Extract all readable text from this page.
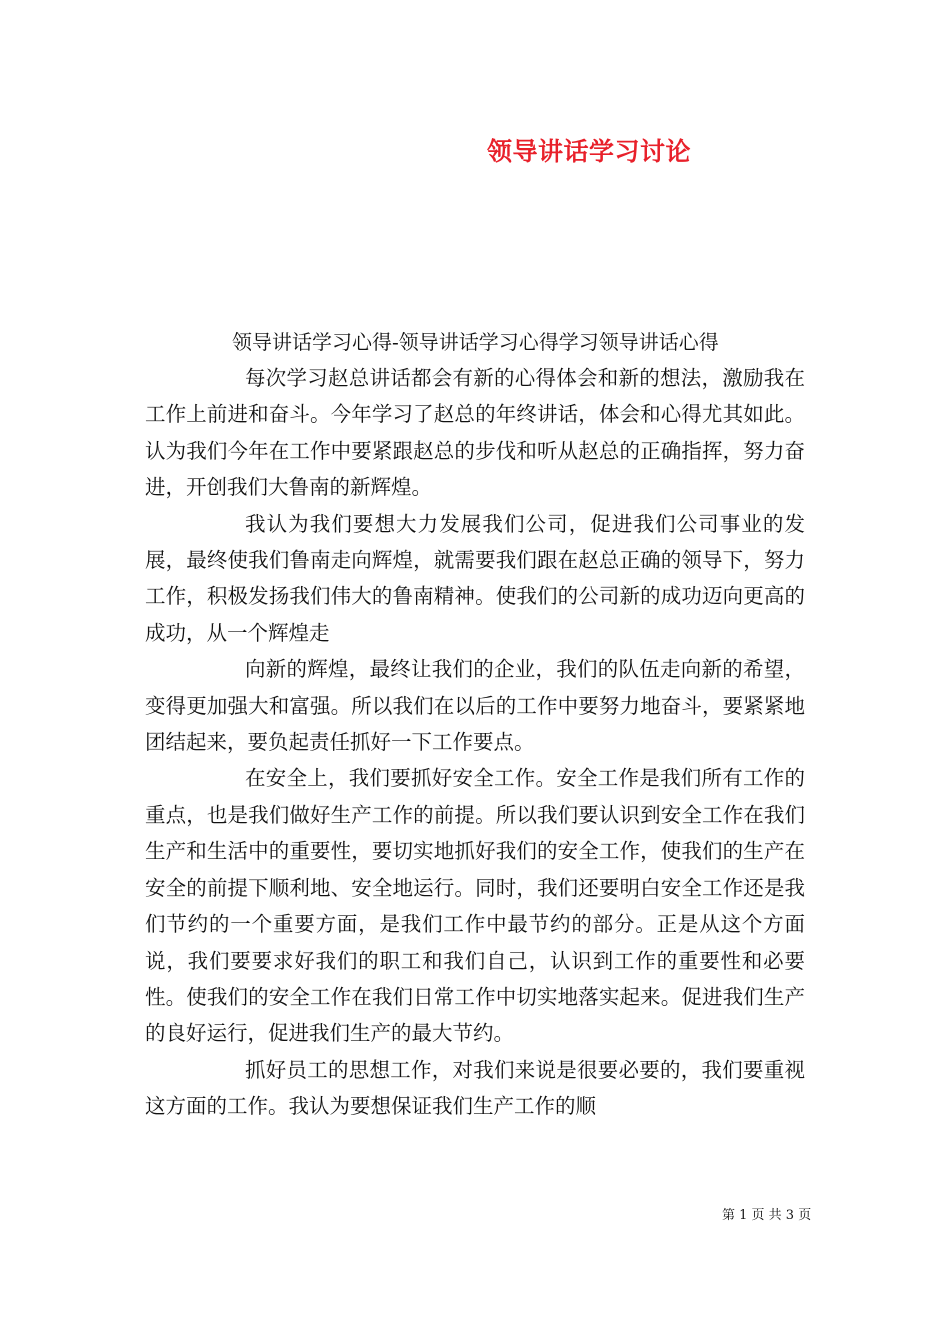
领导讲话学习讨论
领导讲话学习心得-领导讲话学习心得学习领导讲话心得

每次学习赵总讲话都会有新的心得体会和新的想法，激励我在工作上前进和奋斗。今年学习了赵总的年终讲话，体会和心得尤其如此。认为我们今年在工作中要紧跟赵总的步伐和听从赵总的正确指挥，努力奋进，开创我们大鲁南的新辉煌。

我认为我们要想大力发展我们公司，促进我们公司事业的发展，最终使我们鲁南走向辉煌，就需要我们跟在赵总正确的领导下，努力工作，积极发扬我们伟大的鲁南精神。使我们的公司新的成功迈向更高的成功，从一个辉煌走

向新的辉煌，最终让我们的企业，我们的队伍走向新的希望，变得更加强大和富强。所以我们在以后的工作中要努力地奋斗，要紧紧地团结起来，要负起责任抓好一下工作要点。

在安全上，我们要抓好安全工作。安全工作是我们所有工作的重点，也是我们做好生产工作的前提。所以我们要认识到安全工作在我们生产和生活中的重要性，要切实地抓好我们的安全工作，使我们的生产在安全的前提下顺利地、安全地运行。同时，我们还要明白安全工作还是我们节约的一个重要方面，是我们工作中最节约的部分。正是从这个方面说，我们要要求好我们的职工和我们自己，认识到工作的重要性和必要性。使我们的安全工作在我们日常工作中切实地落实起来。促进我们生产的良好运行，促进我们生产的最大节约。

抓好员工的思想工作，对我们来说是很要必要的，我们要重视这方面的工作。我认为要想保证我们生产工作的顺

第 1 页 共 3 页
